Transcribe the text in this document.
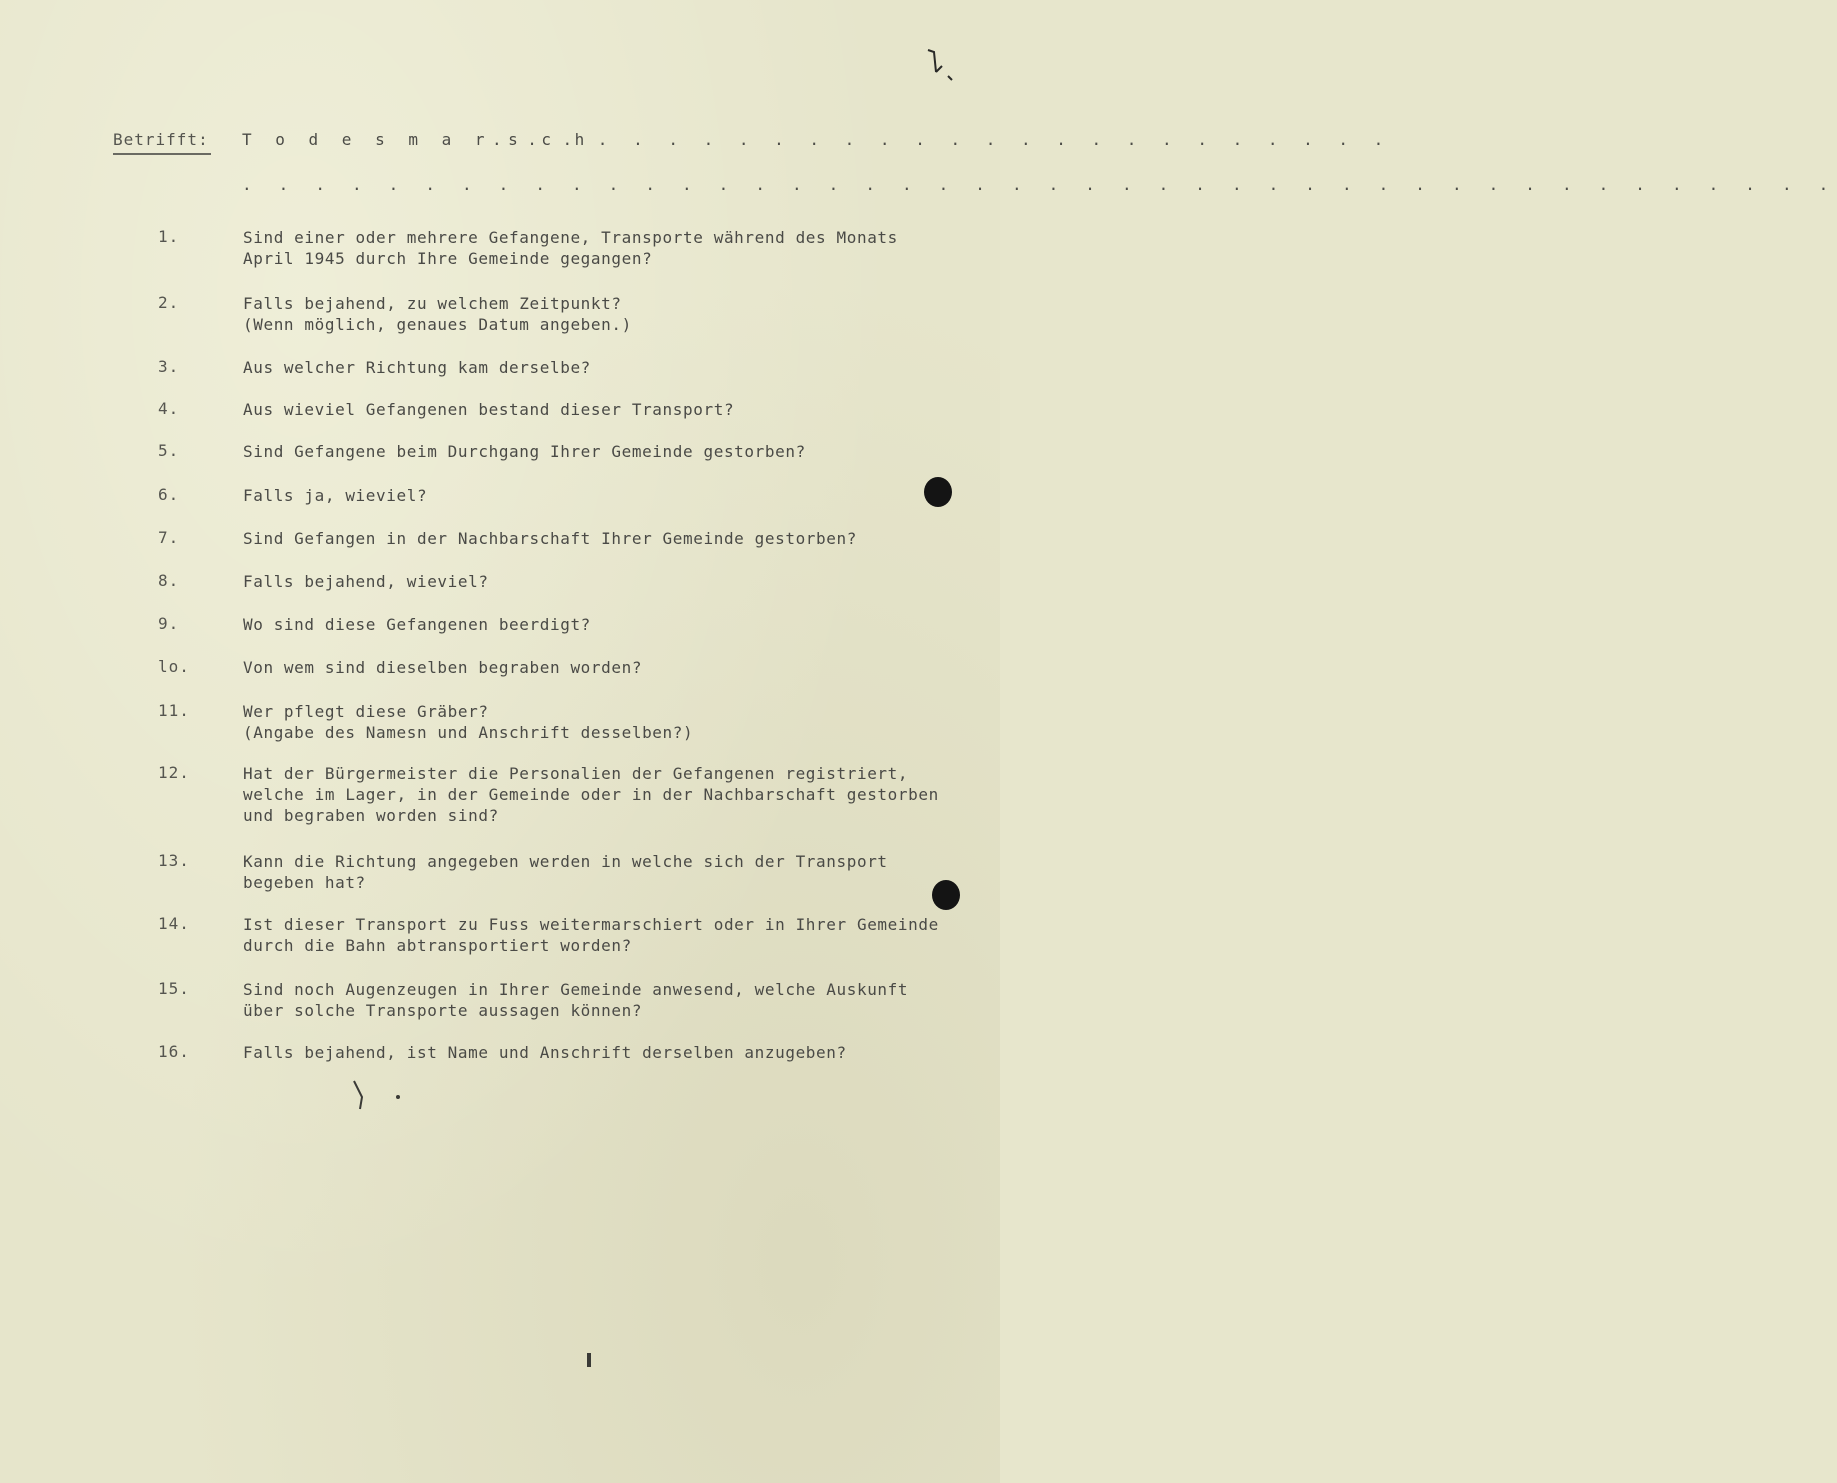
Betrifft: T o d e s m a r s c h
. . . . . . . . . . . . . . . . . . . . . . . . . .
. . . . . . . . . . . . . . . . . . . . . . . . . . . . . . . . . . . . . . . . . . . .
1.	Sind einer oder mehrere Gefangene, Transporte während des Monats
April 1945 durch Ihre Gemeinde gegangen?
2.	Falls bejahend, zu welchem Zeitpunkt?
(Wenn möglich, genaues Datum angeben.)
3.	Aus welcher Richtung kam derselbe?
4.	Aus wieviel Gefangenen bestand dieser Transport?
5.	Sind Gefangene beim Durchgang Ihrer Gemeinde gestorben?
6.	Falls ja, wieviel?
7.	Sind Gefangen in der Nachbarschaft Ihrer Gemeinde gestorben?
8.	Falls bejahend, wieviel?
9.	Wo sind diese Gefangenen beerdigt?
lo.	Von wem sind dieselben begraben worden?
11.	Wer pflegt diese Gräber?
(Angabe des Namesn und Anschrift desselben?)
12.	Hat der Bürgermeister die Personalien der Gefangenen registriert,
welche im Lager, in der Gemeinde oder in der Nachbarschaft gestorben
und begraben worden sind?
13.	Kann die Richtung angegeben werden in welche sich der Transport
begeben hat?
14.	Ist dieser Transport zu Fuss weitermarschiert oder in Ihrer Gemeinde
durch die Bahn abtransportiert worden?
15.	Sind noch Augenzeugen in Ihrer Gemeinde anwesend, welche Auskunft
über solche Transporte aussagen können?
16.	Falls bejahend, ist Name und Anschrift derselben anzugeben?
